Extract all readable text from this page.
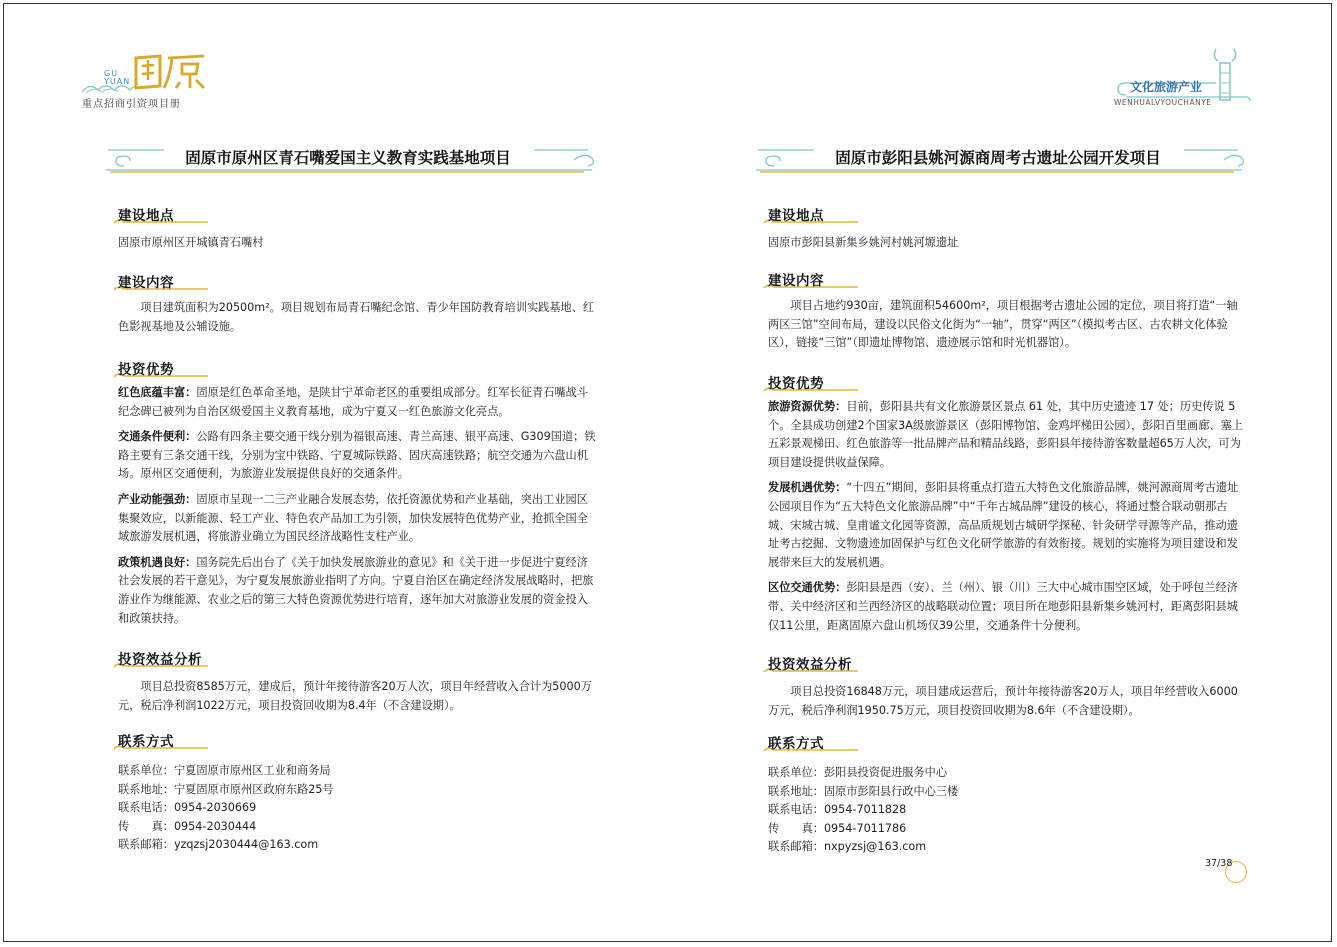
GU YUAN
重点招商引资项目册
文化旅游产业
WENHUALVYOUCHANYE
固原市原州区青石嘴爱国主义教育实践基地项目
建设地点
固原市原州区开城镇青石嘴村
建设内容
项目建筑面积为20500m²。项目规划布局青石嘴纪念馆、青少年国防教育培训实践基地、红色影视基地及公辅设施。
投资优势
红色底蕴丰富：固原是红色革命圣地，是陕甘宁革命老区的重要组成部分。红军长征青石嘴战斗纪念碑已被列为自治区级爱国主义教育基地，成为宁夏又一红色旅游文化亮点。
交通条件便利：公路有四条主要交通干线分别为福银高速、青兰高速、银平高速、G309国道；铁路主要有三条交通干线，分别为宝中铁路、宁夏城际铁路、固庆高速铁路；航空交通为六盘山机场。原州区交通便利，为旅游业发展提供良好的交通条件。
产业动能强劲：固原市呈现一二三产业融合发展态势，依托资源优势和产业基础，突出工业园区集聚效应，以新能源、轻工产业、特色农产品加工为引领，加快发展特色优势产业，抢抓全国全域旅游发展机遇，将旅游业确立为国民经济战略性支柱产业。
政策机遇良好：国务院先后出台了《关于加快发展旅游业的意见》和《关于进一步促进宁夏经济社会发展的若干意见》，为宁夏发展旅游业指明了方向。宁夏自治区在确定经济发展战略时，把旅游业作为继能源、农业之后的第三大特色资源优势进行培育，逐年加大对旅游业发展的资金投入和政策扶持。
投资效益分析
项目总投资8585万元，建成后，预计年接待游客20万人次，项目年经营收入合计为5000万元，税后净利润1022万元，项目投资回收期为8.4年（不含建设期）。
联系方式
联系单位：宁夏固原市原州区工业和商务局
联系地址：宁夏固原市原州区政府东路25号
联系电话：0954-2030669
传　　真：0954-2030444
联系邮箱：yzqzsj2030444@163.com
固原市彭阳县姚河源商周考古遗址公园开发项目
建设地点
固原市彭阳县新集乡姚河村姚河塬遗址
建设内容
项目占地约930亩，建筑面积54600m²，项目根据考古遗址公园的定位，项目将打造“一轴两区三馆”空间布局，建设以民俗文化街为“一轴”，贯穿“两区”（模拟考古区、古农耕文化体验区），链接“三馆”（即遗址博物馆、遗迹展示馆和时光机器馆）。
投资优势
旅游资源优势：目前，彭阳县共有文化旅游景区景点 61 处，其中历史遗迹 17 处；历史传说 5 个。全县成功创建2个国家3A级旅游景区（彭阳博物馆、金鸡坪梯田公园），彭阳百里画廊、塞上五彩景观梯田、红色旅游等一批品牌产品和精品线路，彭阳县年接待游客数量超65万人次，可为项目建设提供收益保障。
发展机遇优势：“十四五”期间，彭阳县将重点打造五大特色文化旅游品牌，姚河源商周考古遗址公园项目作为“五大特色文化旅游品牌”中“千年古城品牌”建设的核心，将通过整合联动朝那古城、宋城古城、皇甫谧文化园等资源，高品质规划古城研学探秘、针灸研学寻源等产品，推动遗址考古挖掘、文物遗迹加固保护与红色文化研学旅游的有效衔接。规划的实施将为项目建设和发展带来巨大的发展机遇。
区位交通优势：彭阳县是西（安）、兰（州）、银（川）三大中心城市围空区域，处于呼包兰经济带、关中经济区和兰西经济区的战略联动位置；项目所在地彭阳县新集乡姚河村，距离彭阳县城仅11公里，距离固原六盘山机场仅39公里，交通条件十分便利。
投资效益分析
项目总投资16848万元，项目建成运营后，预计年接待游客20万人，项目年经营收入6000万元，税后净利润1950.75万元，项目投资回收期为8.6年（不含建设期）。
联系方式
联系单位：彭阳县投资促进服务中心
联系地址：固原市彭阳县行政中心三楼
联系电话：0954-7011828
传　　真：0954-7011786
联系邮箱：nxpyzsj@163.com
37/38
